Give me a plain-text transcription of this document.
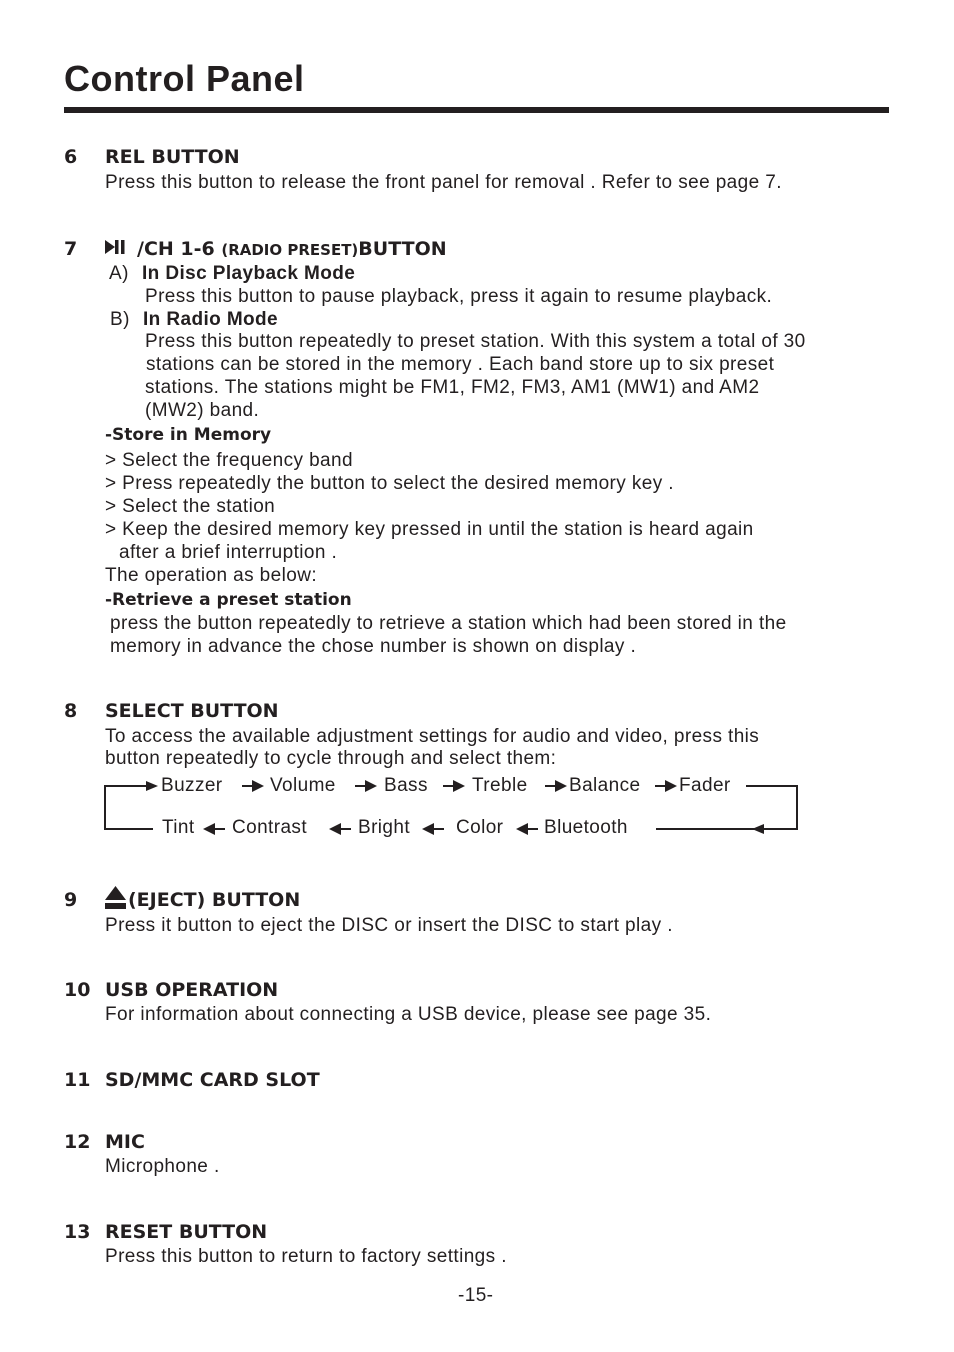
Control Panel
6 REL BUTTON
Press this button to release the front panel for removal . Refer to see page 7.
7	/CH 1-6 (RADIO PRESET)BUTTON
A) In Disc Playback Mode
Press this button to pause playback, press it again to resume playback.
B) In Radio Mode
Press this button repeatedly to preset station. With this system a total of 30
stations can be stored in the memory . Each band store up to six preset
stations. The stations might be FM1, FM2, FM3, AM1 (MW1) and AM2
(MW2) band.
-Store in Memory
> Select the frequency band
> Press repeatedly the button to select the desired memory key .
> Select the station
> Keep the desired memory key pressed in until the station is heard again
after a brief interruption .
The operation as below:
-Retrieve a preset station
press the button repeatedly to retrieve a station which had been stored in the
memory in advance the chose number is shown on display .
8 SELECT BUTTON
To access the available adjustment settings for audio and video, press this
button repeatedly to cycle through and select them:
Buzzer Volume	Bass Treble Balance Fader
Tint Contrast	Bright Color Bluetooth
9	(EJECT) BUTTON
Press it button to eject the DISC or insert the DISC to start play .
10 USB OPERATION
For information about connecting a USB device, please see page 35.
11 SD/MMC CARD SLOT
12 MIC
Microphone .
13 RESET BUTTON
Press this button to return to factory settings .
-15-
